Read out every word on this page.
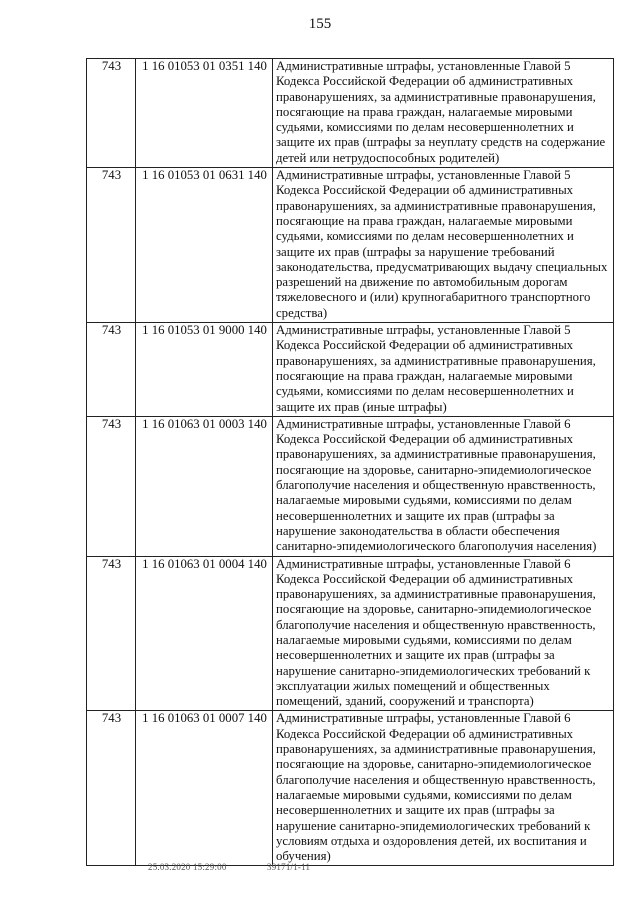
155
743	1 16 01053 01 0351 140	Административные штрафы, установленные Главой 5 Кодекса Российской Федерации об административных правонарушениях, за административные правонарушения, посягающие на права граждан, налагаемые мировыми судьями, комиссиями по делам несовершеннолетних и защите их прав (штрафы за неуплату средств на содержание детей или нетрудоспособных родителей)
743	1 16 01053 01 0631 140	Административные штрафы, установленные Главой 5 Кодекса Российской Федерации об административных правонарушениях, за административные правонарушения, посягающие на права граждан, налагаемые мировыми судьями, комиссиями по делам несовершеннолетних и защите их прав (штрафы за нарушение требований законодательства, предусматривающих выдачу специальных разрешений на движение по автомобильным дорогам тяжеловесного и (или) крупногабаритного транспортного средства)
743	1 16 01053 01 9000 140	Административные штрафы, установленные Главой 5 Кодекса Российской Федерации об административных правонарушениях, за административные правонарушения, посягающие на права граждан, налагаемые мировыми судьями, комиссиями по делам несовершеннолетних и защите их прав (иные штрафы)
743	1 16 01063 01 0003 140	Административные штрафы, установленные Главой 6 Кодекса Российской Федерации об административных правонарушениях, за административные правонарушения, посягающие на здоровье, санитарно-эпидемиологическое благополучие населения и общественную нравственность, налагаемые мировыми судьями, комиссиями по делам несовершеннолетних и защите их прав (штрафы за нарушение законодательства в области обеспечения санитарно-эпидемиологического благополучия населения)
743	1 16 01063 01 0004 140	Административные штрафы, установленные Главой 6 Кодекса Российской Федерации об административных правонарушениях, за административные правонарушения, посягающие на здоровье, санитарно-эпидемиологическое благополучие населения и общественную нравственность, налагаемые мировыми судьями, комиссиями по делам несовершеннолетних и защите их прав (штрафы за нарушение санитарно-эпидемиологических требований к эксплуатации жилых помещений и общественных помещений, зданий, сооружений и транспорта)
743	1 16 01063 01 0007 140	Административные штрафы, установленные Главой 6 Кодекса Российской Федерации об административных правонарушениях, за административные правонарушения, посягающие на здоровье, санитарно-эпидемиологическое благополучие населения и общественную нравственность, налагаемые мировыми судьями, комиссиями по делам несовершеннолетних и защите их прав (штрафы за нарушение санитарно-эпидемиологических требований к условиям отдыха и оздоровления детей, их воспитания и обучения)
25.03.2020 15:29:00	39171/1-11
